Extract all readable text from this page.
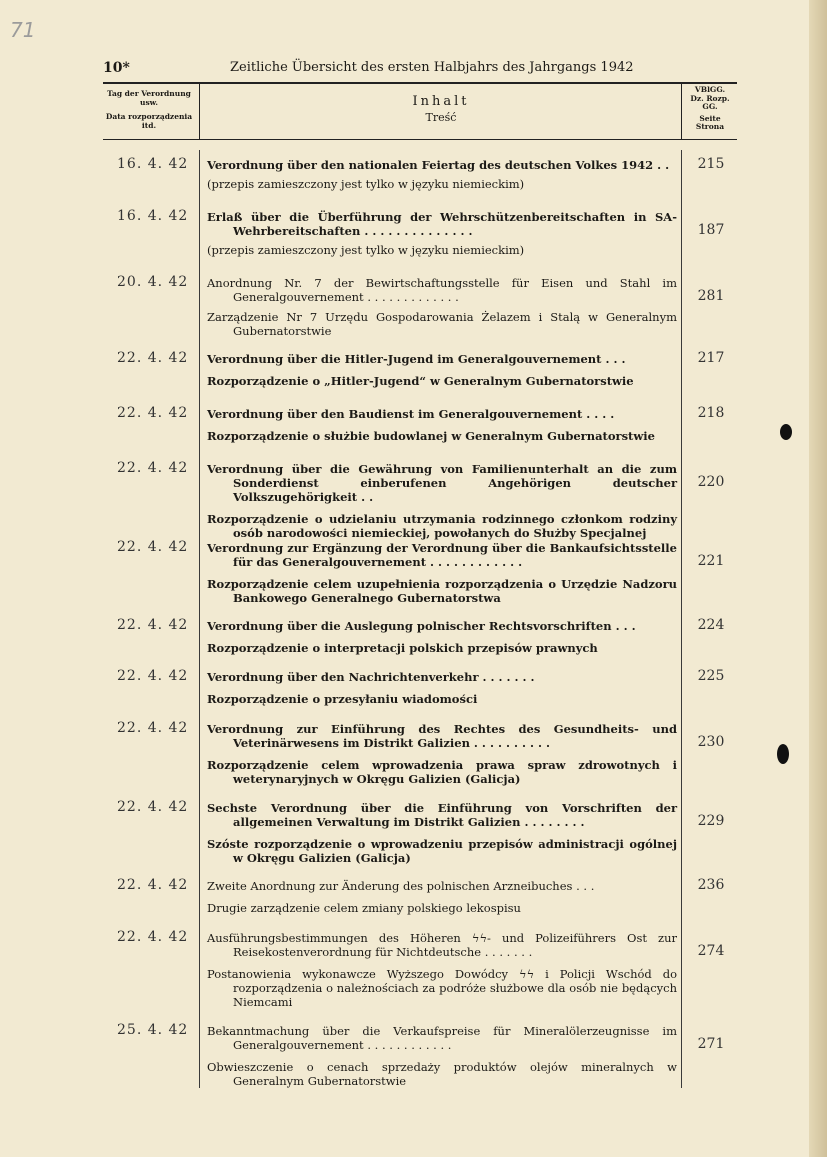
71
10*	Zeitliche Übersicht des ersten Halbjahrs des Jahrgangs 1942
Tag der Verordnung usw.
Data rozporządzenia itd.
Inhalt
Treść
VBlGG.
Dz. Rozp. GG.
Seite
Strona
16. 4. 42 Verordnung über den nationalen Feiertag des deutschen Volkes 1942 . .

(przepis zamieszczony jest tylko w języku niemieckim)

215
16. 4. 42 Erlaß über die Überführung der Wehrschützenbereitschaften in SA-Wehrbereitschaften . . . . . . . . . . . . . .

(przepis zamieszczony jest tylko w języku niemieckim)

187
20. 4. 42 Anordnung Nr. 7 der Bewirtschaftungsstelle für Eisen und Stahl im Generalgouvernement . . . . . . . . . . . . .

Zarządzenie Nr 7 Urzędu Gospodarowania Żelazem i Stalą w Generalnym Gubernatorstwie

281
22. 4. 42 Verordnung über die Hitler-Jugend im Generalgouvernement . . .

Rozporządzenie o „Hitler-Jugend“ w Generalnym Gubernatorstwie

217
22. 4. 42 Verordnung über den Baudienst im Generalgouvernement . . . .

Rozporządzenie o służbie budowlanej w Generalnym Gubernatorstwie

218
22. 4. 42 Verordnung über die Gewährung von Familienunterhalt an die zum Sonderdienst einberufenen Angehörigen deutscher Volkszugehörigkeit . .

Rozporządzenie o udzielaniu utrzymania rodzinnego członkom rodziny osób narodowości niemieckiej, powołanych do Służby Specjalnej

220
22. 4. 42 Verordnung zur Ergänzung der Verordnung über die Bankaufsichtsstelle für das Generalgouvernement . . . . . . . . . . . .

Rozporządzenie celem uzupełnienia rozporządzenia o Urzędzie Nadzoru Bankowego Generalnego Gubernatorstwa

221
22. 4. 42 Verordnung über die Auslegung polnischer Rechtsvorschriften . . .

Rozporządzenie o interpretacji polskich przepisów prawnych

224
22. 4. 42 Verordnung über den Nachrichtenverkehr . . . . . . .

Rozporządzenie o przesyłaniu wiadomości

225
22. 4. 42 Verordnung zur Einführung des Rechtes des Gesundheits- und Veterinärwesens im Distrikt Galizien . . . . . . . . . .

Rozporządzenie celem wprowadzenia prawa spraw zdrowotnych i weterynaryjnych w Okręgu Galizien (Galicja)

230
22. 4. 42 Sechste Verordnung über die Einführung von Vorschriften der allgemeinen Verwaltung im Distrikt Galizien . . . . . . . .

Szóste rozporządzenie o wprowadzeniu przepisów administracji ogólnej w Okręgu Galizien (Galicja)

229
22. 4. 42 Zweite Anordnung zur Änderung des polnischen Arzneibuches . . .

Drugie zarządzenie celem zmiany polskiego lekospisu

236
22. 4. 42 Ausführungsbestimmungen des Höheren ϟϟ- und Polizeiführers Ost zur Reisekostenverordnung für Nichtdeutsche . . . . . . .

Postanowienia wykonawcze Wyższego Dowódcy ϟϟ i Policji Wschód do rozporządzenia o należnościach za podróże służbowe dla osób nie będących Niemcami

274
25. 4. 42 Bekanntmachung über die Verkaufspreise für Mineralölerzeugnisse im Generalgouvernement . . . . . . . . . . . .

Obwieszczenie o cenach sprzedaży produktów olejów mineralnych w Generalnym Gubernatorstwie

271
